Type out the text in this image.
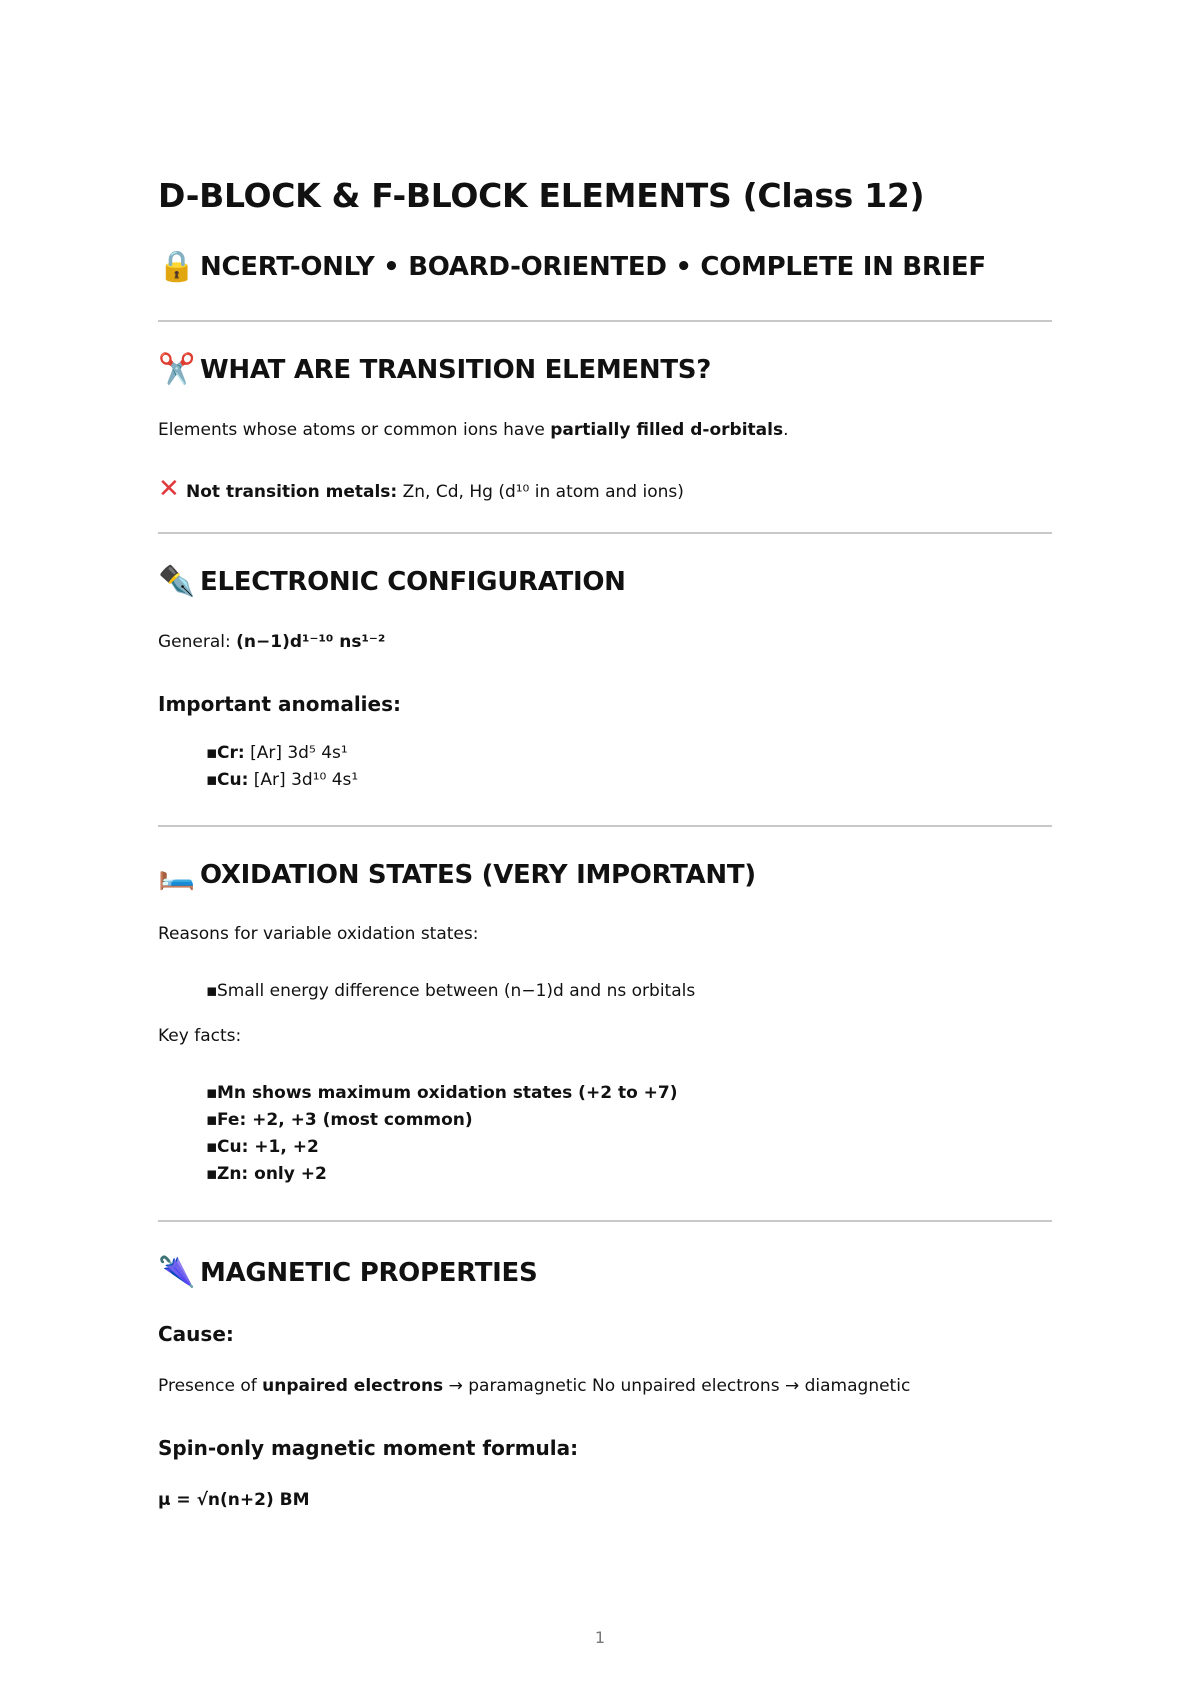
D-BLOCK & F-BLOCK ELEMENTS (Class 12)
🔒 NCERT-ONLY • BOARD-ORIENTED • COMPLETE IN BRIEF
✂️ WHAT ARE TRANSITION ELEMENTS?

Elements whose atoms or common ions have partially filled d-orbitals.

✕ Not transition metals: Zn, Cd, Hg (d¹⁰ in atom and ions)

✒️ ELECTRONIC CONFIGURATION

General: (n−1)d¹⁻¹⁰ ns¹⁻²

Important anomalies:
▪Cr: [Ar] 3d⁵ 4s¹
▪Cu: [Ar] 3d¹⁰ 4s¹
🛏️ OXIDATION STATES (VERY IMPORTANT)

Reasons for variable oxidation states:

▪Small energy difference between (n−1)d and ns orbitals

Key facts:

▪Mn shows maximum oxidation states (+2 to +7)
▪Fe: +2, +3 (most common)
▪Cu: +1, +2
▪Zn: only +2
🌂 MAGNETIC PROPERTIES
Cause:

Presence of unpaired electrons → paramagnetic No unpaired electrons → diamagnetic

Spin-only magnetic moment formula:

μ = √n(n+2) BM

1
